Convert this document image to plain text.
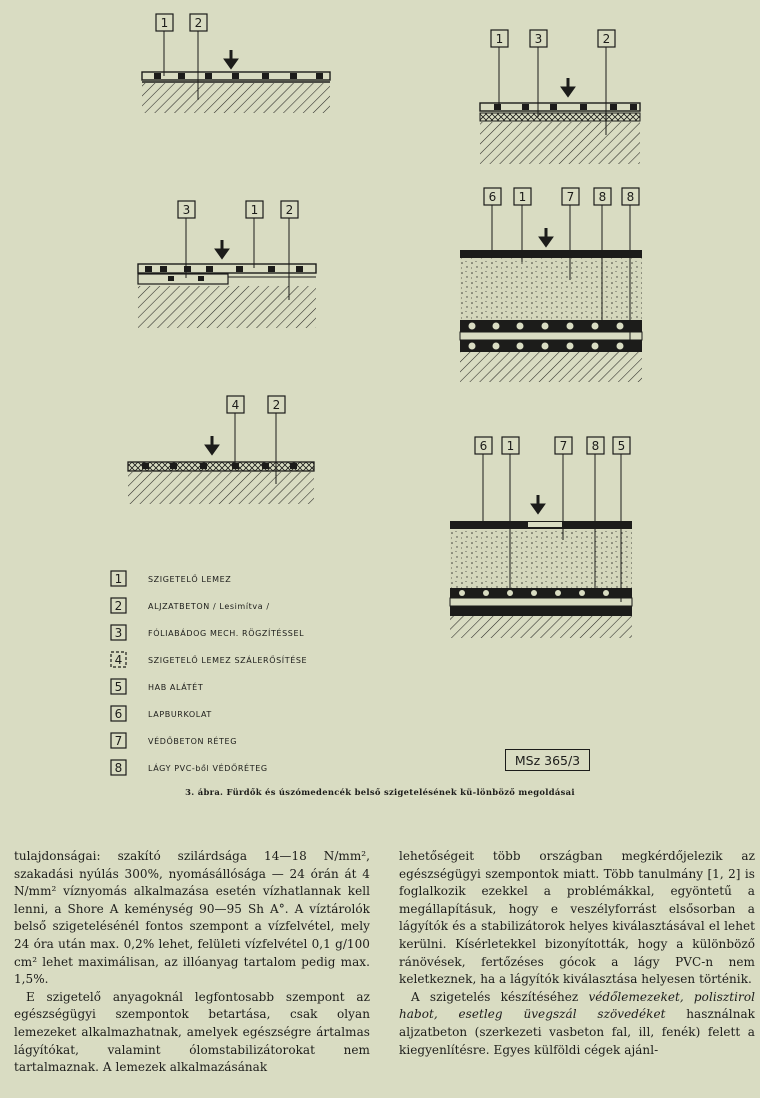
1 2
1	3	2
3	1 2
6 1	7 8 8
4	2
6 1	7 8 5
1	SZIGETELŐ LEMEZ
2	ALJZATBETON / Lesimítva /
3	FÓLIABÁDOG MECH. RÖGZÍTÉSSEL
4	SZIGETELŐ LEMEZ SZÁLERŐSÍTÉSE
5	HAB ALÁTÉT
6	LAPBURKOLAT
7	VÉDŐBETON RÉTEG
8	LÁGY PVC-ből VÉDŐRÉTEG
MSz 365/3
3. ábra. Fürdők és úszómedencék belső szigetelésének kü-lönböző megoldásai

tulajdonságai: szakító szilárdsága 14—18 N/mm², szakadási nyúlás 300%, nyomásállósága — 24 órán át 4 N/mm² víznyomás alkalmazása esetén vízhatlannak kell lenni, a Shore A keménység 90—95 Sh A°. A víztárolók belső szigetelésénél fontos szempont a vízfelvétel, mely 24 óra után max. 0,2% lehet, felületi vízfelvétel 0,1 g/100 cm² lehet maximálisan, az illóanyag tartalom pedig max. 1,5%.

E szigetelő anyagoknál legfontosabb szempont az egészségügyi szempontok betartása, csak olyan lemezeket alkalmazhatnak, amelyek egészségre ártalmas lágyítókat, valamint ólomstabilizátorokat nem tartalmaznak. A lemezek alkalmazásának

lehetőségeit több országban megkérdőjelezik az egészségügyi szempontok miatt. Több tanulmány [1, 2] is foglalkozik ezekkel a problémákkal, egyöntetű a megállapításuk, hogy e veszélyforrást elsősorban a lágyítók és a stabilizátorok helyes kiválasztásával el lehet kerülni. Kísérletekkel bizonyították, hogy a különböző ránövések, fertőzéses gócok a lágy PVC-n nem keletkeznek, ha a lágyítók kiválasztása helyesen történik.

A szigetelés készítéséhez védőlemezeket, polisztirol habot, esetleg üvegszál szövedéket használnak aljzatbeton (szerkezeti vasbeton fal, ill, fenék) felett a kiegyenlítésre. Egyes külföldi cégek ajánl-
